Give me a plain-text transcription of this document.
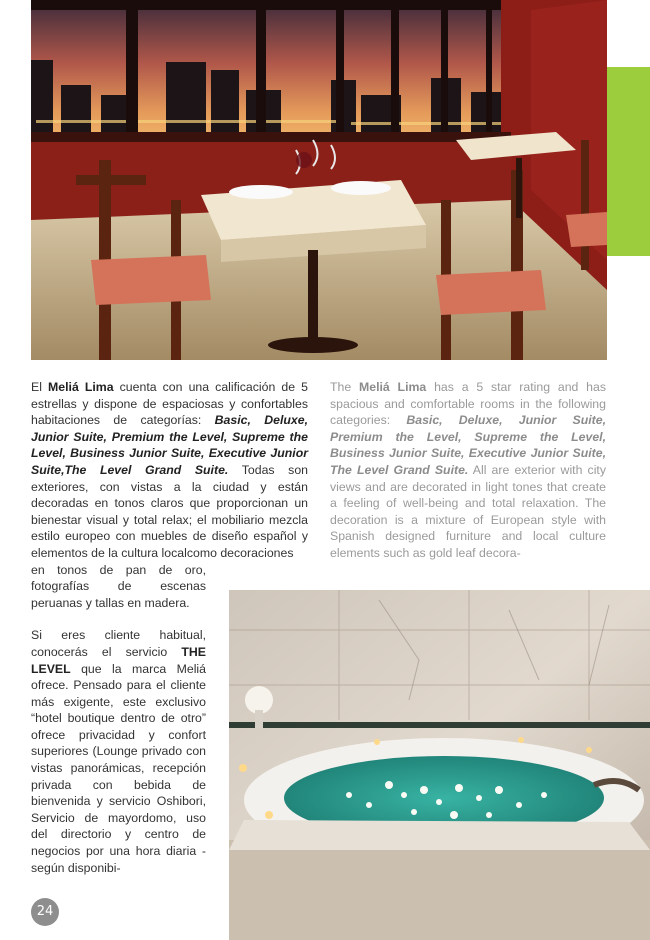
El Meliá Lima cuenta con una calificación de 5 estrellas y dispone de espaciosas y confortables habitaciones de categorías: Basic, Deluxe, Junior Suite, Premium the Level, Supreme the Level, Business Junior Suite, Executive Junior Suite,The Level Grand Suite. Todas son exteriores, con vistas a la ciudad y están decoradas en tonos claros que proporcionan un bienestar visual y total relax; el mobiliario mezcla estilo europeo con muebles de diseño español y elementos de la cultura localcomo decoraciones
en tonos de pan de oro, fotografías de escenas peruanas y tallas en madera.
Si eres cliente habitual, conocerás el servicio THE LEVEL que la marca Meliá ofrece. Pensado para el cliente más exigente, este exclusivo “hotel boutique dentro de otro” ofrece privacidad y confort superiores (Lounge privado con vistas panorámicas, recepción privada con bebida de bienvenida y servicio Oshibori, Servicio de mayordomo, uso del directorio y centro de negocios por una hora diaria -según disponibi-
The Meliá Lima has a 5 star rating and has spacious and comfortable rooms in the following categories: Basic, Deluxe, Junior Suite, Premium the Level, Supreme the Level, Business Junior Suite, Executive Junior Suite, The Level Grand Suite. All are exterior with city views and are decorated in light tones that create a feeling of well-being and total relaxation. The decoration is a mixture of European style with Spanish designed furniture and local culture elements such as gold leaf decora-
24
